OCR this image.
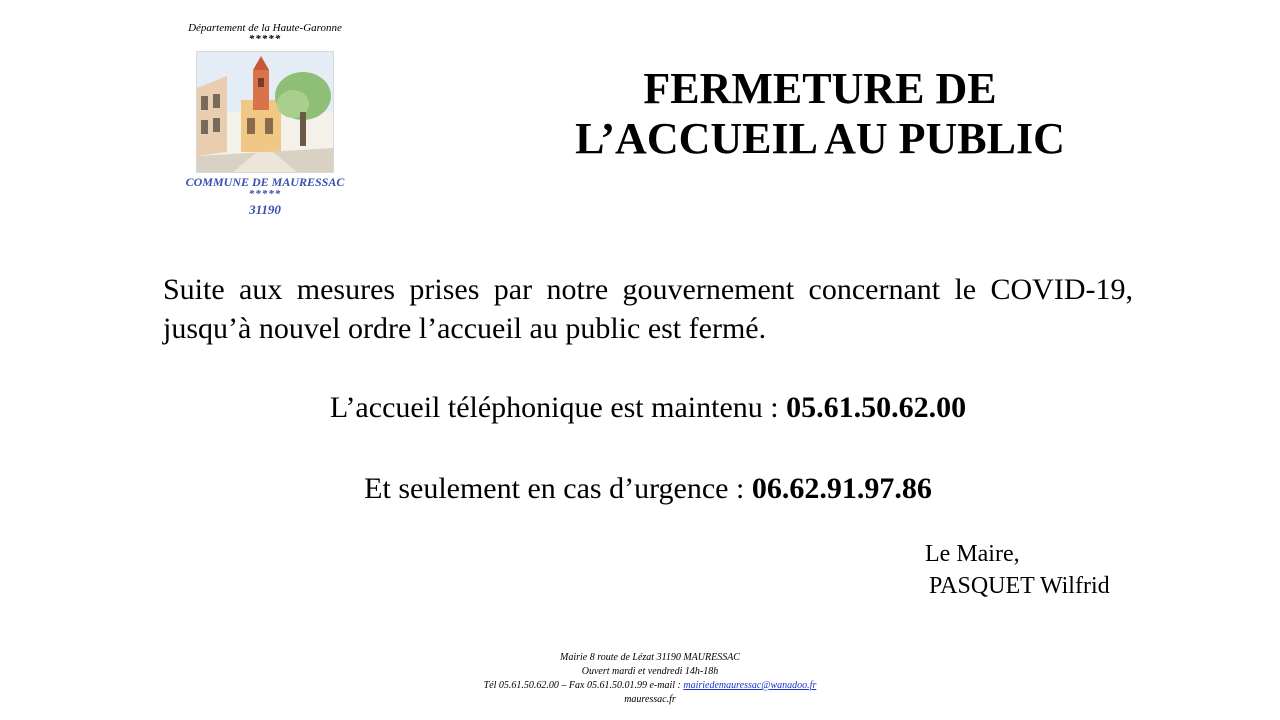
Département de la Haute-Garonne
*****
COMMUNE DE MAURESSAC
*****
31190
FERMETURE DE
L’ACCUEIL AU PUBLIC
Suite aux mesures prises par notre gouvernement concernant le COVID-19, jusqu’à nouvel ordre l’accueil au public est fermé.
L’accueil téléphonique est maintenu : 05.61.50.62.00
Et seulement en cas d’urgence : 06.62.91.97.86
Le Maire,
PASQUET Wilfrid
Mairie 8 route de Lézat 31190 MAURESSAC
Ouvert mardi et vendredi 14h-18h
Tél 05.61.50.62.00 – Fax 05.61.50.01.99 e-mail : mairiedemauressac@wanadoo.fr
mauressac.fr
